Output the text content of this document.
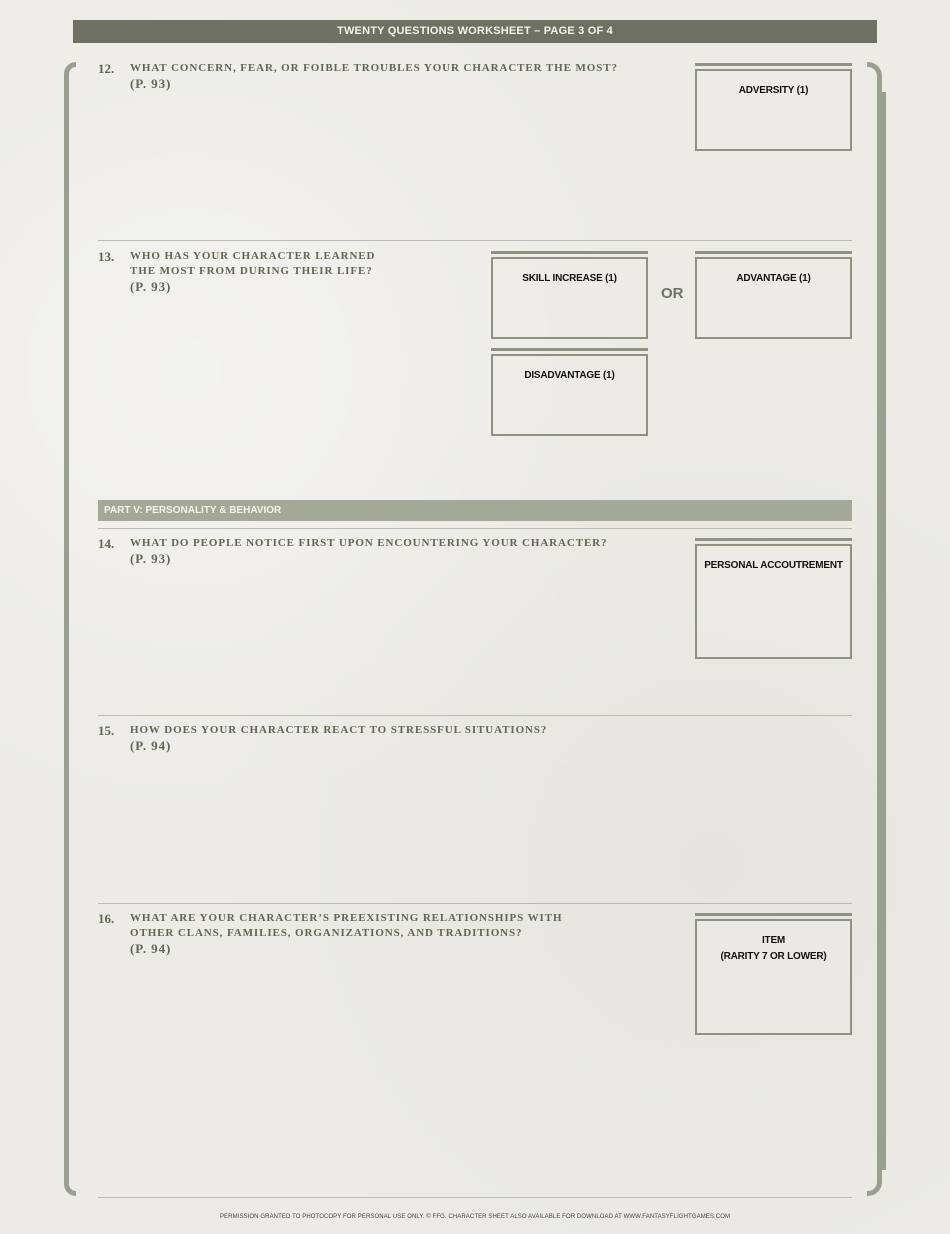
TWENTY QUESTIONS WORKSHEET – PAGE 3 OF 4
12.	WHAT CONCERN, FEAR, OR FOIBLE TROUBLES YOUR CHARACTER THE MOST?
(P. 93)	ADVERSITY (1)
13.	WHO HAS YOUR CHARACTER LEARNED
THE MOST FROM DURING THEIR LIFE?
(P. 93)
SKILL INCREASE (1)
OR
ADVANTAGE (1)
DISADVANTAGE (1)
PART V: PERSONALITY & BEHAVIOR
14.	WHAT DO PEOPLE NOTICE FIRST UPON ENCOUNTERING YOUR CHARACTER?
(P. 93)	PERSONAL ACCOUTREMENT
15.	HOW DOES YOUR CHARACTER REACT TO STRESSFUL SITUATIONS?
(P. 94)
16.	WHAT ARE YOUR CHARACTER’S PREEXISTING RELATIONSHIPS WITH
OTHER CLANS, FAMILIES, ORGANIZATIONS, AND TRADITIONS?
(P. 94)
ITEM
(RARITY 7 OR LOWER)
PERMISSION GRANTED TO PHOTOCOPY FOR PERSONAL USE ONLY. © FFG. CHARACTER SHEET ALSO AVAILABLE FOR DOWNLOAD AT WWW.FANTASYFLIGHTGAMES.COM
